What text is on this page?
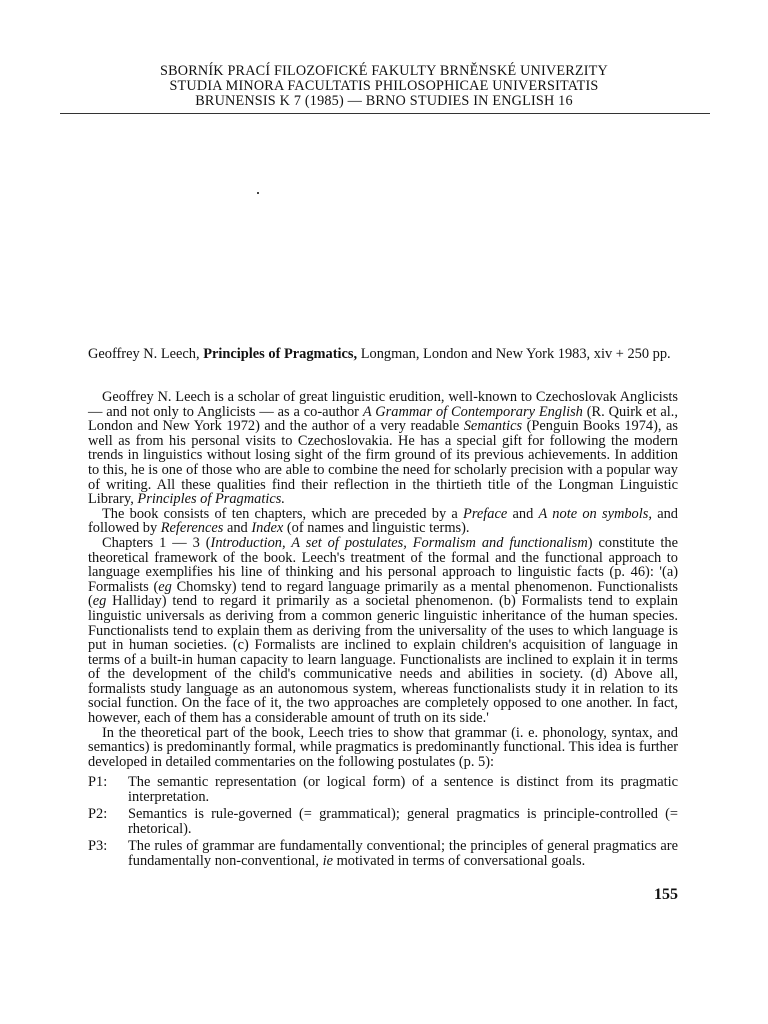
SBORNÍK PRACÍ FILOZOFICKÉ FAKULTY BRNĚNSKÉ UNIVERZITY
STUDIA MINORA FACULTATIS PHILOSOPHICAE UNIVERSITATIS
BRUNENSIS K 7 (1985) — BRNO STUDIES IN ENGLISH 16
Geoffrey N. Leech, Principles of Pragmatics, Longman, London and New York 1983, xiv + 250 pp.

Geoffrey N. Leech is a scholar of great linguistic erudition, well-known to Czechoslovak Anglicists — and not only to Anglicists — as a co-author A Grammar of Contemporary English (R. Quirk et al., London and New York 1972) and the author of a very readable Semantics (Penguin Books 1974), as well as from his personal visits to Czechoslovakia. He has a special gift for following the modern trends in linguistics without losing sight of the firm ground of its previous achievements. In addition to this, he is one of those who are able to combine the need for scholarly precision with a popular way of writing. All these qualities find their reflection in the thirtieth title of the Longman Linguistic Library, Principles of Pragmatics.

The book consists of ten chapters, which are preceded by a Preface and A note on symbols, and followed by References and Index (of names and linguistic terms).

Chapters 1 — 3 (Introduction, A set of postulates, Formalism and functionalism) constitute the theoretical framework of the book. Leech's treatment of the formal and the functional approach to language exemplifies his line of thinking and his personal approach to linguistic facts (p. 46): '(a) Formalists (eg Chomsky) tend to regard language primarily as a mental phenomenon. Functionalists (eg Halliday) tend to regard it primarily as a societal phenomenon. (b) Formalists tend to explain linguistic universals as deriving from a common generic linguistic inheritance of the human species. Functionalists tend to explain them as deriving from the universality of the uses to which language is put in human societies. (c) Formalists are inclined to explain children's acquisition of language in terms of a built-in human capacity to learn language. Functionalists are inclined to explain it in terms of the development of the child's communicative needs and abilities in society. (d) Above all, formalists study language as an autonomous system, whereas functionalists study it in relation to its social function. On the face of it, the two approaches are completely opposed to one another. In fact, however, each of them has a considerable amount of truth on its side.'

In the theoretical part of the book, Leech tries to show that grammar (i. e. phonology, syntax, and semantics) is predominantly formal, while pragmatics is predominantly functional. This idea is further developed in detailed commentaries on the following postulates (p. 5):

P1:	The semantic representation (or logical form) of a sentence is distinct from its pragmatic interpretation.
P2:	Semantics is rule-governed (= grammatical); general pragmatics is principle-controlled (= rhetorical).
P3:	The rules of grammar are fundamentally conventional; the principles of general pragmatics are fundamentally non-conventional, ie motivated in terms of conversational goals.
155
